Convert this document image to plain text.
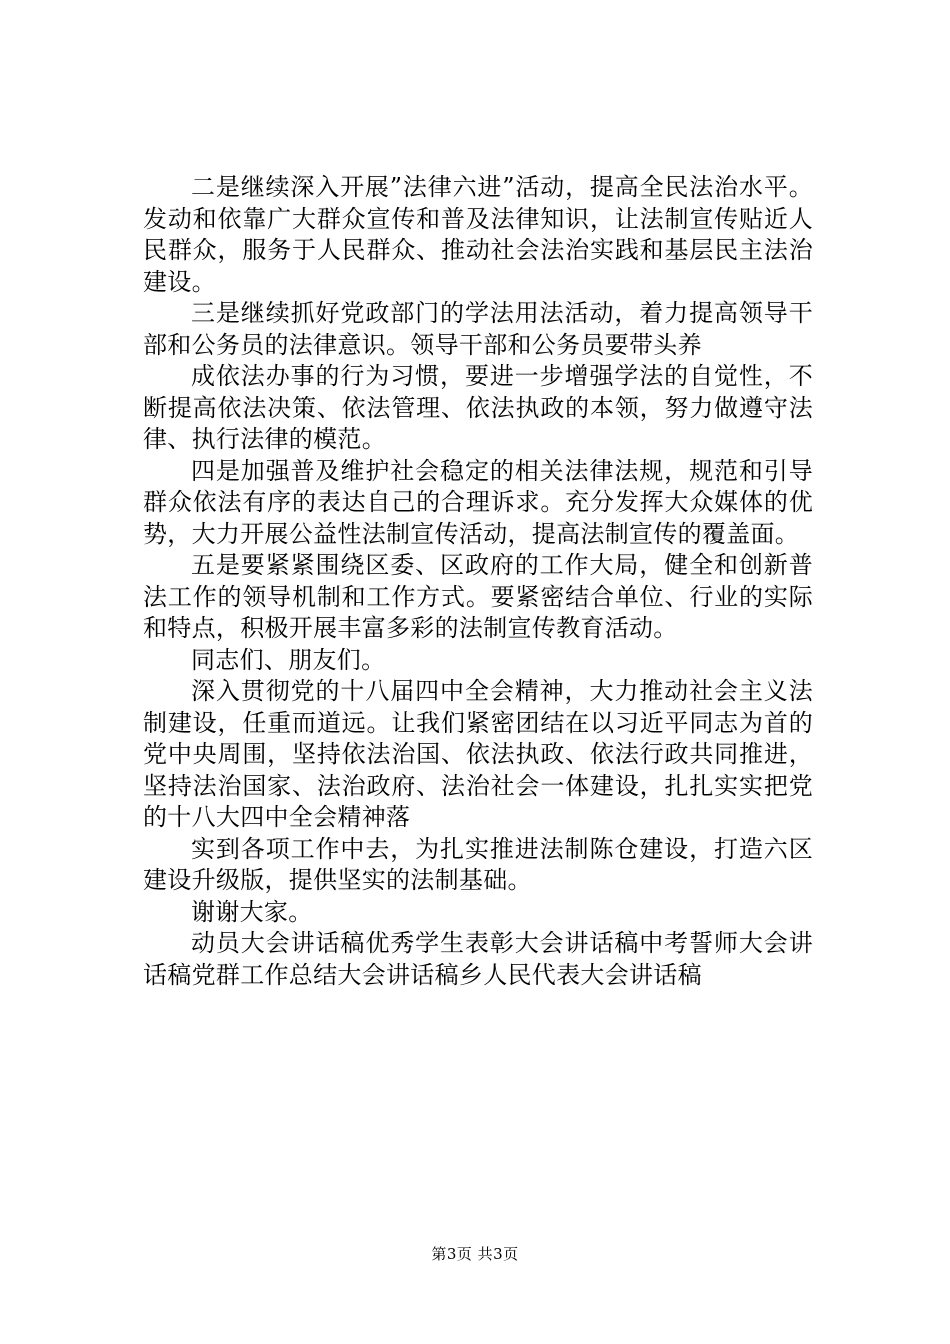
二是继续深入开展”法律六进”活动，提高全民法治水平。发动和依靠广大群众宣传和普及法律知识，让法制宣传贴近人民群众，服务于人民群众、推动社会法治实践和基层民主法治建设。

三是继续抓好党政部门的学法用法活动，着力提高领导干部和公务员的法律意识。领导干部和公务员要带头养

成依法办事的行为习惯，要进一步增强学法的自觉性，不断提高依法决策、依法管理、依法执政的本领，努力做遵守法律、执行法律的模范。

四是加强普及维护社会稳定的相关法律法规，规范和引导群众依法有序的表达自己的合理诉求。充分发挥大众媒体的优势，大力开展公益性法制宣传活动，提高法制宣传的覆盖面。

五是要紧紧围绕区委、区政府的工作大局，健全和创新普法工作的领导机制和工作方式。要紧密结合单位、行业的实际和特点，积极开展丰富多彩的法制宣传教育活动。

同志们、朋友们。

深入贯彻党的十八届四中全会精神，大力推动社会主义法制建设，任重而道远。让我们紧密团结在以习近平同志为首的党中央周围，坚持依法治国、依法执政、依法行政共同推进，坚持法治国家、法治政府、法治社会一体建设，扎扎实实把党的十八大四中全会精神落

实到各项工作中去，为扎实推进法制陈仓建设，打造六区建设升级版，提供坚实的法制基础。

谢谢大家。

动员大会讲话稿优秀学生表彰大会讲话稿中考誓师大会讲话稿党群工作总结大会讲话稿乡人民代表大会讲话稿

第3页 共3页
